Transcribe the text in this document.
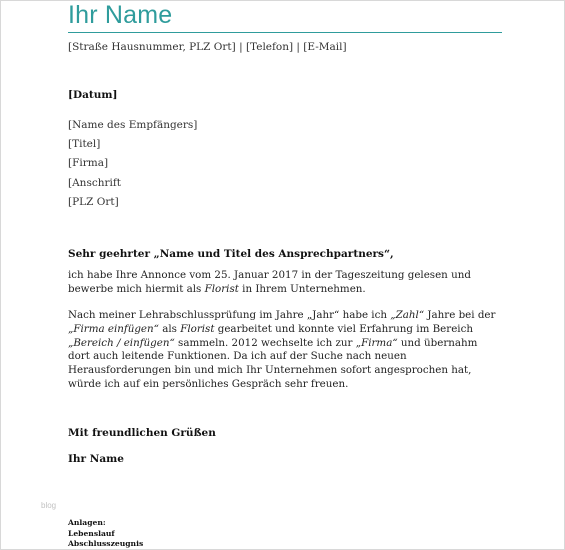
Ihr Name
[Straße Hausnummer, PLZ Ort] | [Telefon] | [E-Mail]
[Datum]
[Name des Empfängers]
[Titel]
[Firma]
[Anschrift
[PLZ Ort]
Sehr geehrter „Name und Titel des Ansprechpartners“,
ich habe Ihre Annonce vom 25. Januar 2017 in der Tageszeitung gelesen und bewerbe mich hiermit als Florist in Ihrem Unternehmen.
Nach meiner Lehrabschlussprüfung im Jahre „Jahr“ habe ich „Zahl“ Jahre bei der „Firma einfügen“ als Florist gearbeitet und konnte viel Erfahrung im Bereich „Bereich / einfügen“ sammeln. 2012 wechselte ich zur „Firma“ und übernahm dort auch leitende Funktionen. Da ich auf der Suche nach neuen Herausforderungen bin und mich Ihr Unternehmen sofort angesprochen hat, würde ich auf ein persönliches Gespräch sehr freuen.
Mit freundlichen Grüßen
Ihr Name
blog
Anlagen:
Lebenslauf
Abschlusszeugnis
